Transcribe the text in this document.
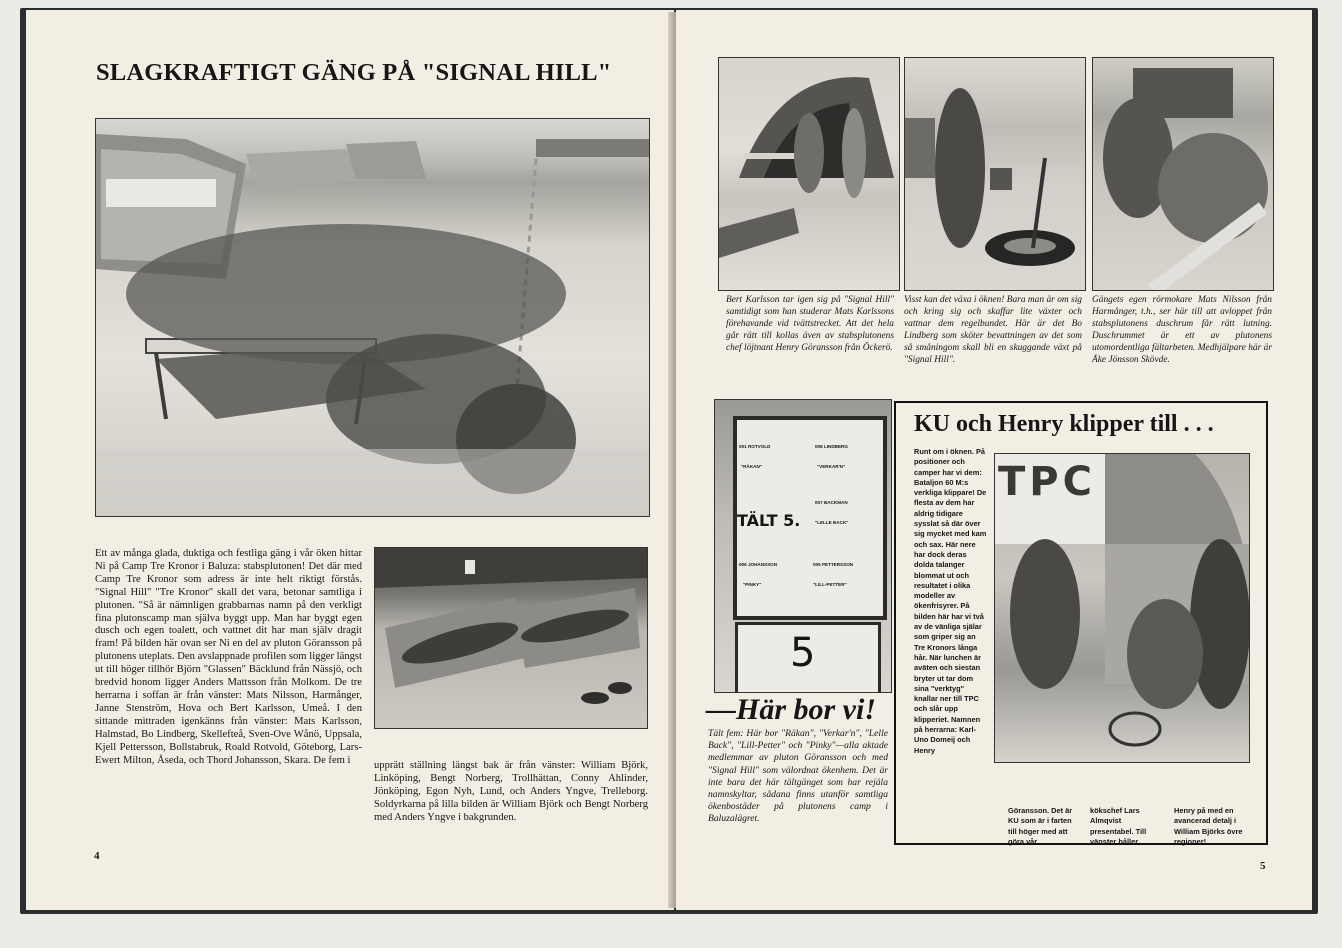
SLAGKRAFTIGT GÄNG PÅ "SIGNAL HILL"
Ett av många glada, duktiga och festliga gäng i vår öken hittar Ni på Camp Tre Kronor i Baluza: stabsplutonen! Det där med Camp Tre Kronor som adress är inte helt riktigt förstås. "Signal Hill" "Tre Kronor" skall det vara, betonar samtliga i plutonen. "Så är nämnligen grabbarnas namn på den verkligt fina plutonscamp man själva byggt upp. Man har byggt egen dusch och egen toalett, och vattnet dit har man själv dragit fram! På bilden här ovan ser Ni en del av pluton Göransson på plutonens uteplats. Den avslappnade profilen som ligger längst ut till höger tillhör Björn "Glassen" Bäcklund från Nässjö, och bredvid honom ligger Anders Mattsson från Molkom. De tre herrarna i soffan är från vänster: Mats Nilsson, Harmånger, Janne Stenström, Hova och Bert Karlsson, Umeå. I den sittande mittraden igenkänns från vänster: Mats Karlsson, Halmstad, Bo Lindberg, Skellefteå, Sven-Ove Wånö, Uppsala, Kjell Pettersson, Bollstabruk, Roald Rotvold, Göteborg, Lars-Ewert Milton, Åseda, och Thord Johansson, Skara. De fem i	upprätt ställning längst bak är från vänster: William Björk, Linköping, Bengt Norberg, Trollhättan, Conny Ahlinder, Jönköping, Egon Nyh, Lund, och Anders Yngve, Trelleborg. Soldyrkarna på lilla bilden är William Björk och Bengt Norberg med Anders Yngve i bakgrunden.
4
Bert Karlsson tar igen sig på "Signal Hill" samtidigt som han studerar Mats Karlssons förehavande vid tvättstrecket. Att det hela går rätt till kollas även av stabsplutonens chef löjtnant Henry Göransson från Öckerö.
Visst kan det växa i öknen! Bara man är om sig och kring sig och skaffar lite växter och vattnar dem regelbundet. Här är det Bo Lindberg som sköter bevattningen av det som så småningom skall bli en skuggande växt på "Signal Hill".
Gängets egen rörmokare Mats Nilsson från Harmånger, t.h., ser här till att avloppet från stabsplutonens duschrum får rätt lutning. Duschrummet är ett av plutonens utomordentliga fältarbeten. Medhjälpare här är Åke Jönsson Skövde.
001 ROTVOLD
"RÄKAN"
008 LINDBERG
"VERKAR'N"
TÄLT 5.
007 BACKMAN
"LELLE BACK"
006 JOHANSSON
"PINKY"
005 PETTERSSON
"LILL-PETTER"
5
—Här bor vi!
Tält fem: Här bor "Räkan", "Verkar'n", "Lelle Back", "Lill-Petter" och "Pinky"—alla aktade medlemmar av pluton Göransson och med "Signal Hill" som välordnat ökenhem. Det är inte bara det här tältgänget som har rejäla namnskyltar, sådana finns utanför samtliga ökenbostäder på plutonens camp i Baluzalägret.
KU och Henry klipper till . . .
Runt om i öknen. På positioner och camper har vi dem: Bataljon 60 M:s verkliga klippare! De flesta av dem har aldrig tidigare sysslat så där över sig mycket med kam och sax. Här nere har dock deras dolda talanger blommat ut och resultatet i olika modeller av ökenfrisyrer. På bilden här har vi två av de vänliga själar som griper sig an Tre Kronors långa hår. När lunchen är aväten och siestan bryter ut tar dom sina "verktyg" knallar ner till TPC och slår upp klipperiet. Namnen på herrarna: Karl-Uno Domeij och Henry
TPC
Göransson. Det är KU som är i farten till höger med att göra vår
kökschef Lars Almqvist presentabel. Till vänster håller
Henry på med en avancerad detalj i William Björks övre regioner!
5
